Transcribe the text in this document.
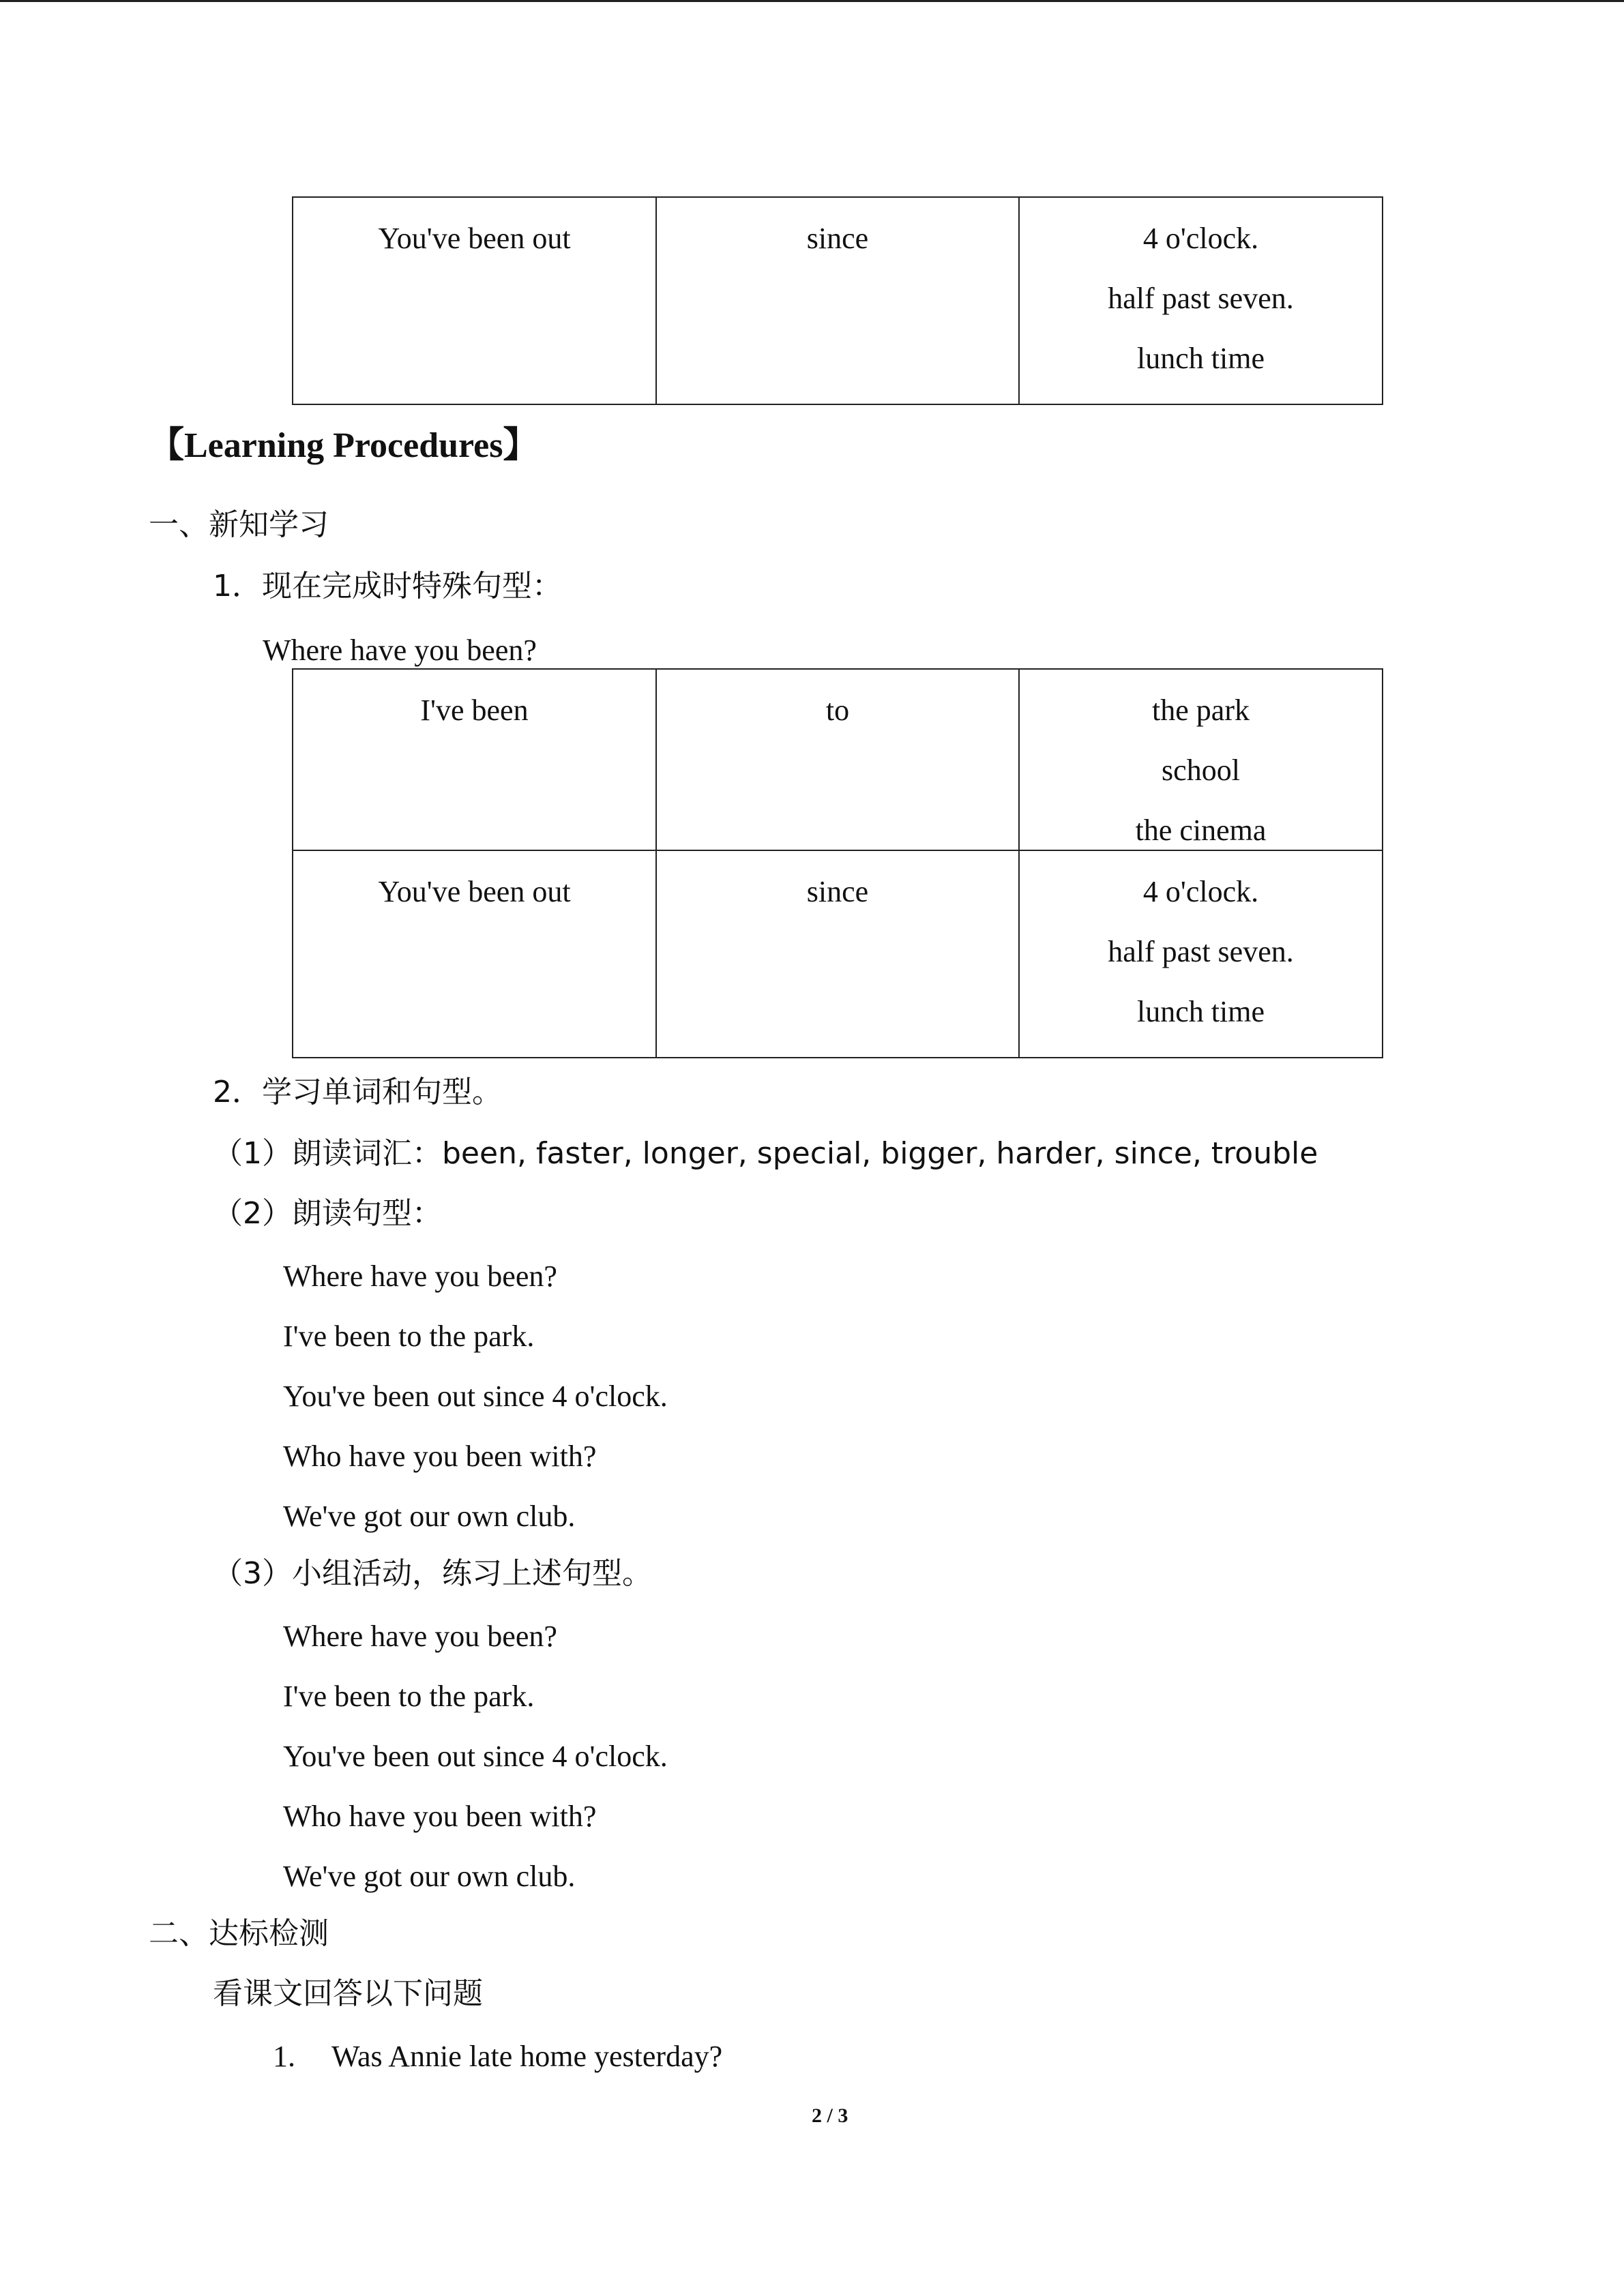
You've been out	since	4 o'clock.
half past seven.
lunch time
【Learning Procedures】
一、新知学习
1．现在完成时特殊句型：
Where have you been?
I've been	to	the park
school
the cinema

You've been out	since	4 o'clock.
half past seven.
lunch time
2．学习单词和句型。
（1）朗读词汇：been, faster, longer, special, bigger, harder, since, trouble
（2）朗读句型：
Where have you been?
I've been to the park.
You've been out since 4 o'clock.
Who have you been with?
We've got our own club.
（3）小组活动，练习上述句型。
Where have you been?
I've been to the park.
You've been out since 4 o'clock.
Who have you been with?
We've got our own club.
二、达标检测
看课文回答以下问题
1. Was Annie late home yesterday?
2 / 3
